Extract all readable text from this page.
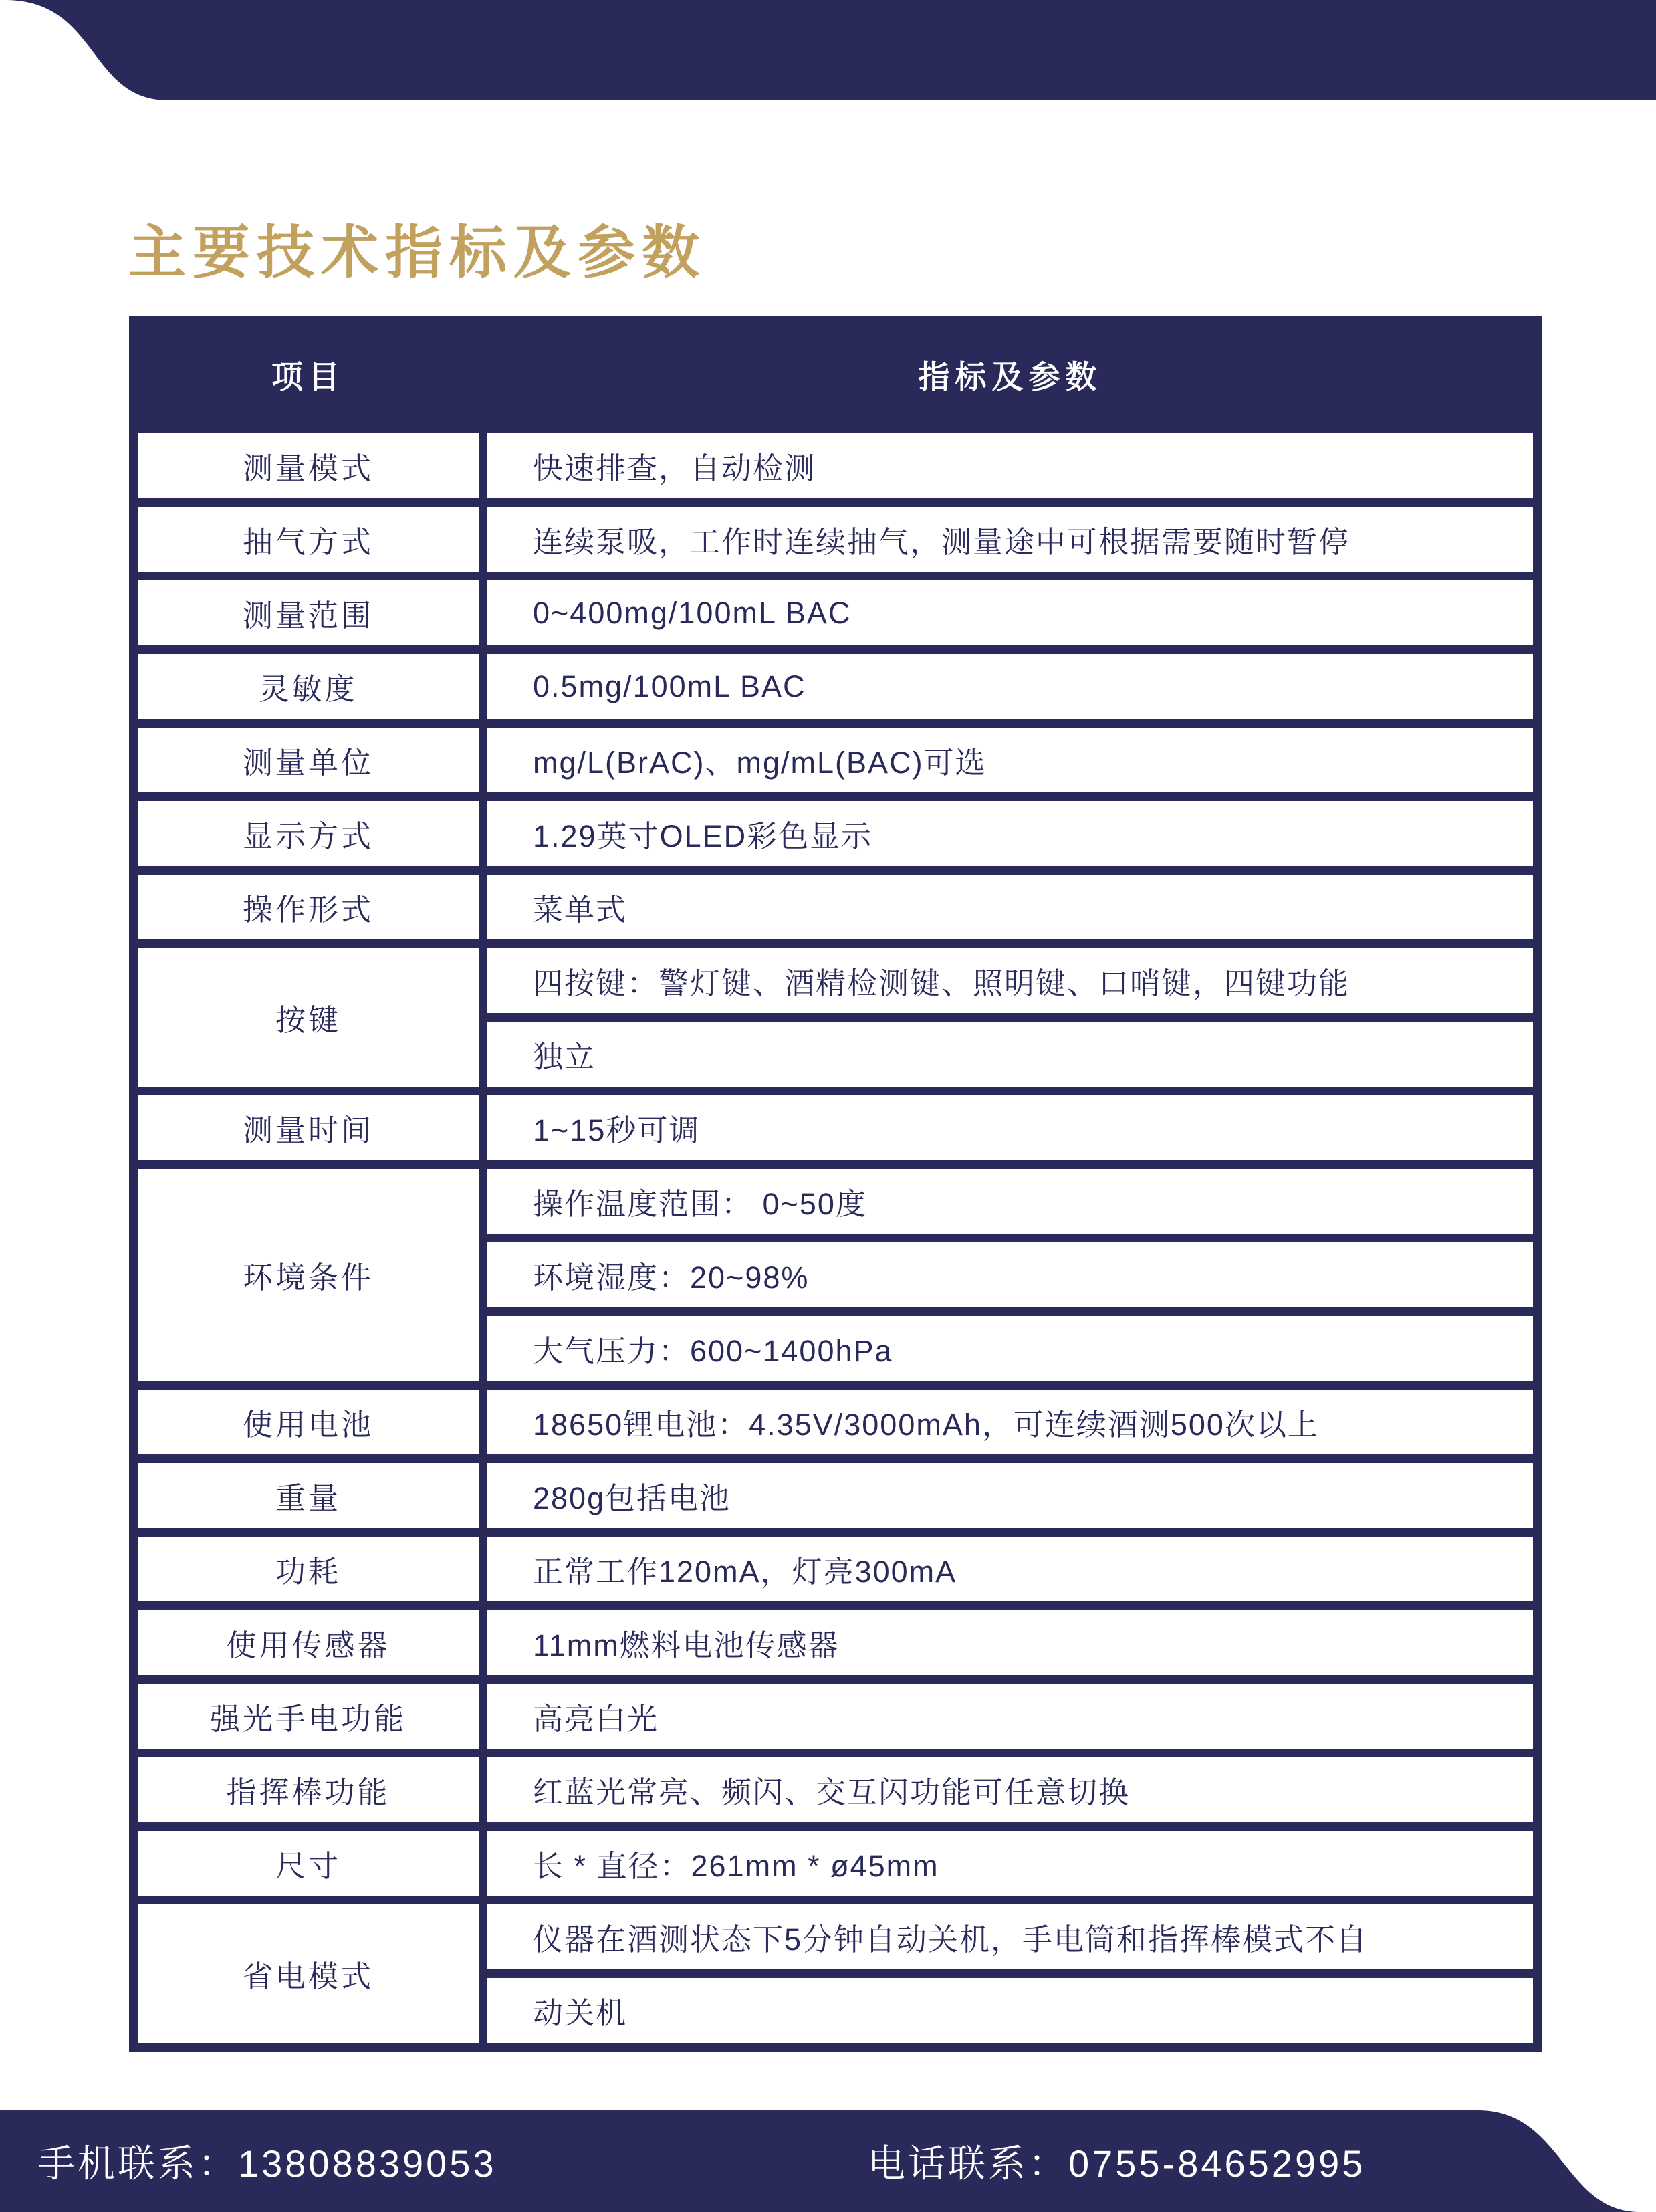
主要技术指标及参数
项目	指标及参数
测量模式	快速排查，自动检测
抽气方式	连续泵吸，工作时连续抽气，测量途中可根据需要随时暂停
测量范围	0~400mg/100mL BAC
灵敏度	0.5mg/100mL BAC
测量单位	mg/L(BrAC)、mg/mL(BAC)可选
显示方式	1.29英寸OLED彩色显示
操作形式	菜单式
按键	四按键：警灯键、酒精检测键、照明键、口哨键，四键功能
	独立
测量时间	1~15秒可调
环境条件	操作温度范围： 0~50度
	环境湿度：20~98%
	大气压力：600~1400hPa
使用电池	18650锂电池：4.35V/3000mAh，可连续酒测500次以上
重量	280g包括电池
功耗	正常工作120mA，灯亮300mA
使用传感器	11mm燃料电池传感器
强光手电功能	高亮白光
指挥棒功能	红蓝光常亮、频闪、交互闪功能可任意切换
尺寸	长 * 直径：261mm * ø45mm
省电模式	仪器在酒测状态下5分钟自动关机，手电筒和指挥棒模式不自
	动关机
手机联系：13808839053	电话联系：0755-84652995
